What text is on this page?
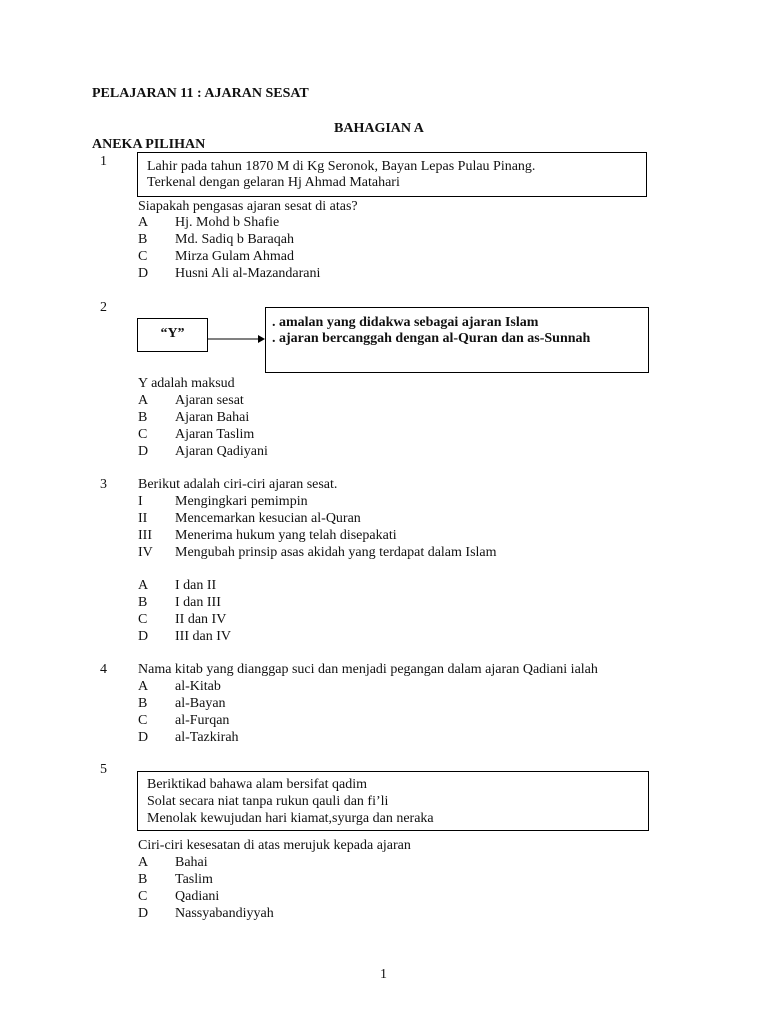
PELAJARAN 11 : AJARAN SESAT
BAHAGIAN A
ANEKA PILIHAN
1	Lahir pada tahun 1870 M di Kg Seronok, Bayan Lepas Pulau Pinang.
Terkenal dengan gelaran Hj Ahmad Matahari
Siapakah pengasas ajaran sesat di atas?
A Hj. Mohd b Shafie
B Md. Sadiq b Baraqah
C Mirza Gulam Ahmad
D Husni Ali al-Mazandarani
2
“Y”
. amalan yang didakwa sebagai ajaran Islam
. ajaran bercanggah dengan al-Quran dan as-Sunnah
Y adalah maksud
A Ajaran sesat
B Ajaran Bahai
C Ajaran Taslim
D Ajaran Qadiyani
3 Berikut adalah ciri-ciri ajaran sesat.
I Mengingkari pemimpin
II Mencemarkan kesucian al-Quran
III Menerima hukum yang telah disepakati
IV Mengubah prinsip asas akidah yang terdapat dalam Islam
A I dan II
B I dan III
C II dan IV
D III dan IV
4 Nama kitab yang dianggap suci dan menjadi pegangan dalam ajaran Qadiani ialah
A al-Kitab
B al-Bayan
C al-Furqan
D al-Tazkirah
5
Beriktikad bahawa alam bersifat qadim
Solat secara niat tanpa rukun qauli dan fi’li
Menolak kewujudan hari kiamat,syurga dan neraka
Ciri-ciri kesesatan di atas merujuk kepada ajaran
A Bahai
B Taslim
C Qadiani
D Nassyabandiyyah
1
